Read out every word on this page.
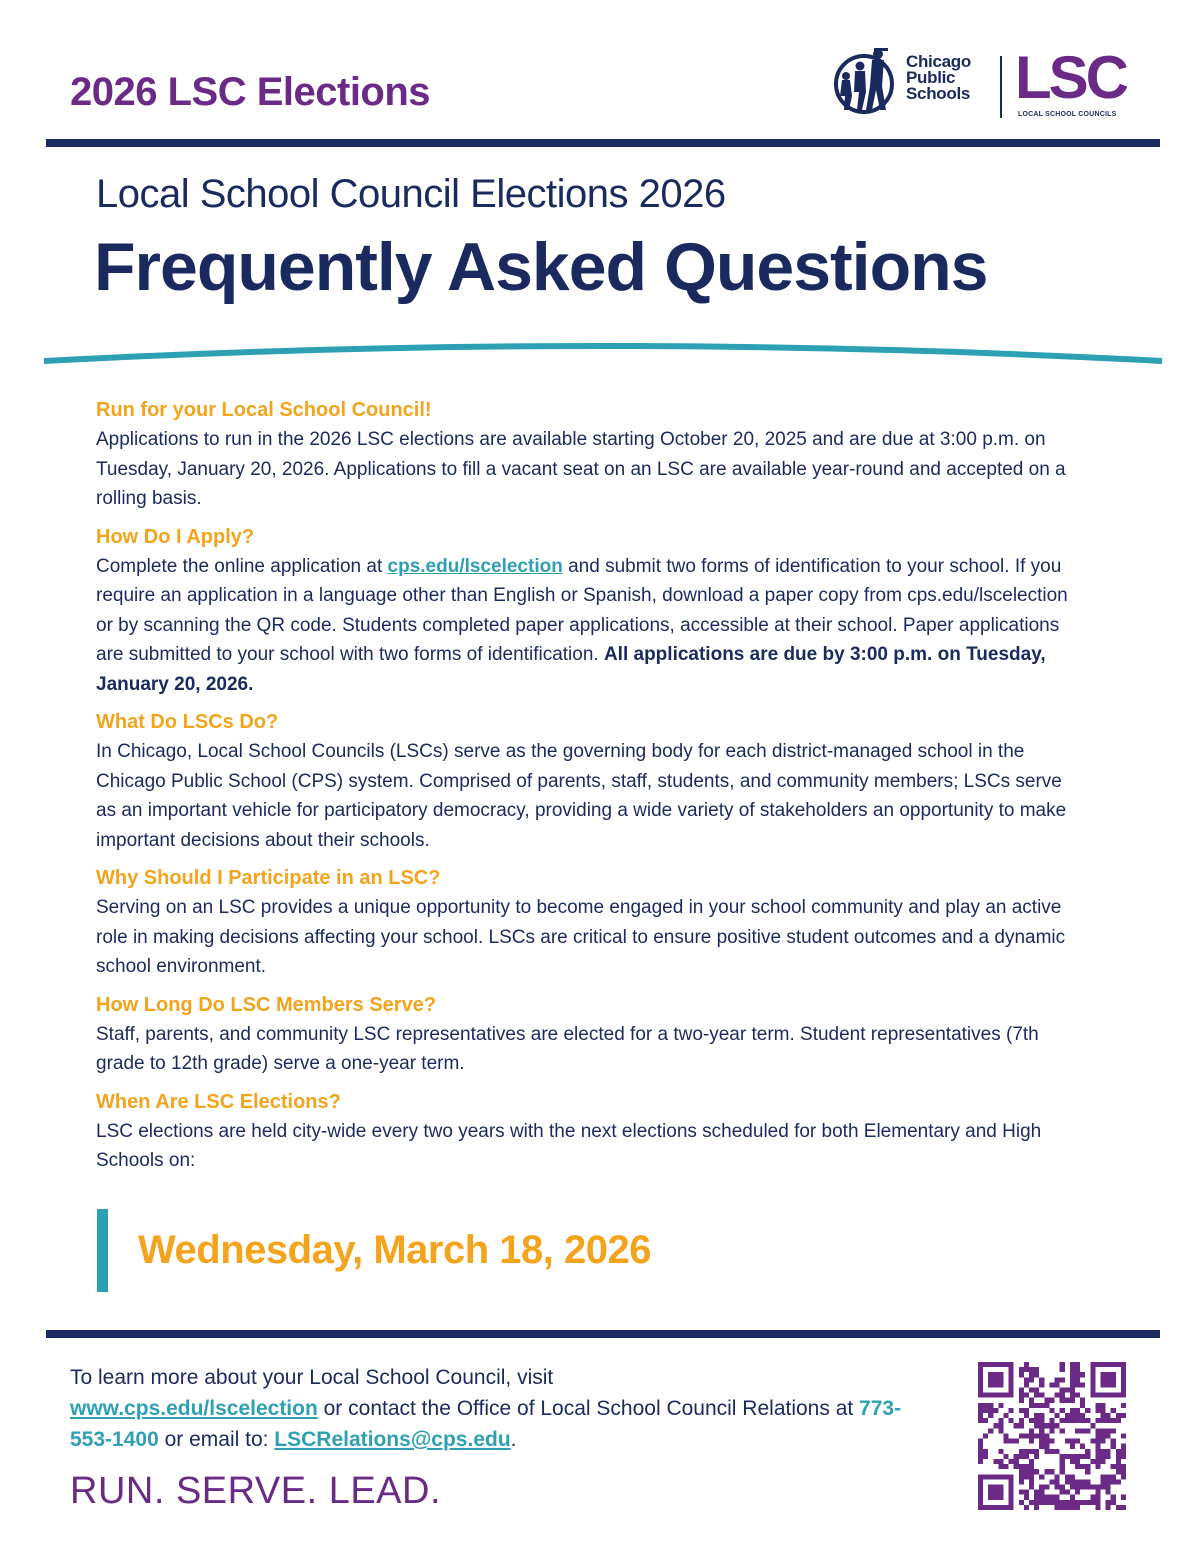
2026 LSC Elections
Chicago
Public
Schools LSC
LOCAL SCHOOL COUNCILS
Local School Council Elections 2026
Frequently Asked Questions
Run for your Local School Council!
Applications to run in the 2026 LSC elections are available starting October 20, 2025 and are due at 3:00 p.m. on Tuesday, January 20, 2026. Applications to fill a vacant seat on an LSC are available year-round and accepted on a rolling basis.
How Do I Apply?
Complete the online application at cps.edu/lscelection and submit two forms of identification to your school. If you require an application in a language other than English or Spanish, download a paper copy from cps.edu/lscelection or by scanning the QR code. Students completed paper applications, accessible at their school. Paper applications are submitted to your school with two forms of identification. All applications are due by 3:00 p.m. on Tuesday, January 20, 2026.
What Do LSCs Do?
In Chicago, Local School Councils (LSCs) serve as the governing body for each district-managed school in the Chicago Public School (CPS) system. Comprised of parents, staff, students, and community members; LSCs serve as an important vehicle for participatory democracy, providing a wide variety of stakeholders an opportunity to make important decisions about their schools.
Why Should I Participate in an LSC?
Serving on an LSC provides a unique opportunity to become engaged in your school community and play an active role in making decisions affecting your school. LSCs are critical to ensure positive student outcomes and a dynamic school environment.
How Long Do LSC Members Serve?
Staff, parents, and community LSC representatives are elected for a two-year term. Student representatives (7th grade to 12th grade) serve a one-year term.
When Are LSC Elections?
LSC elections are held city-wide every two years with the next elections scheduled for both Elementary and High Schools on:
Wednesday, March 18, 2026
To learn more about your Local School Council, visit
www.cps.edu/lscelection or contact the Office of Local School Council Relations at 773-553-1400 or email to: LSCRelations@cps.edu.
RUN. SERVE. LEAD.
